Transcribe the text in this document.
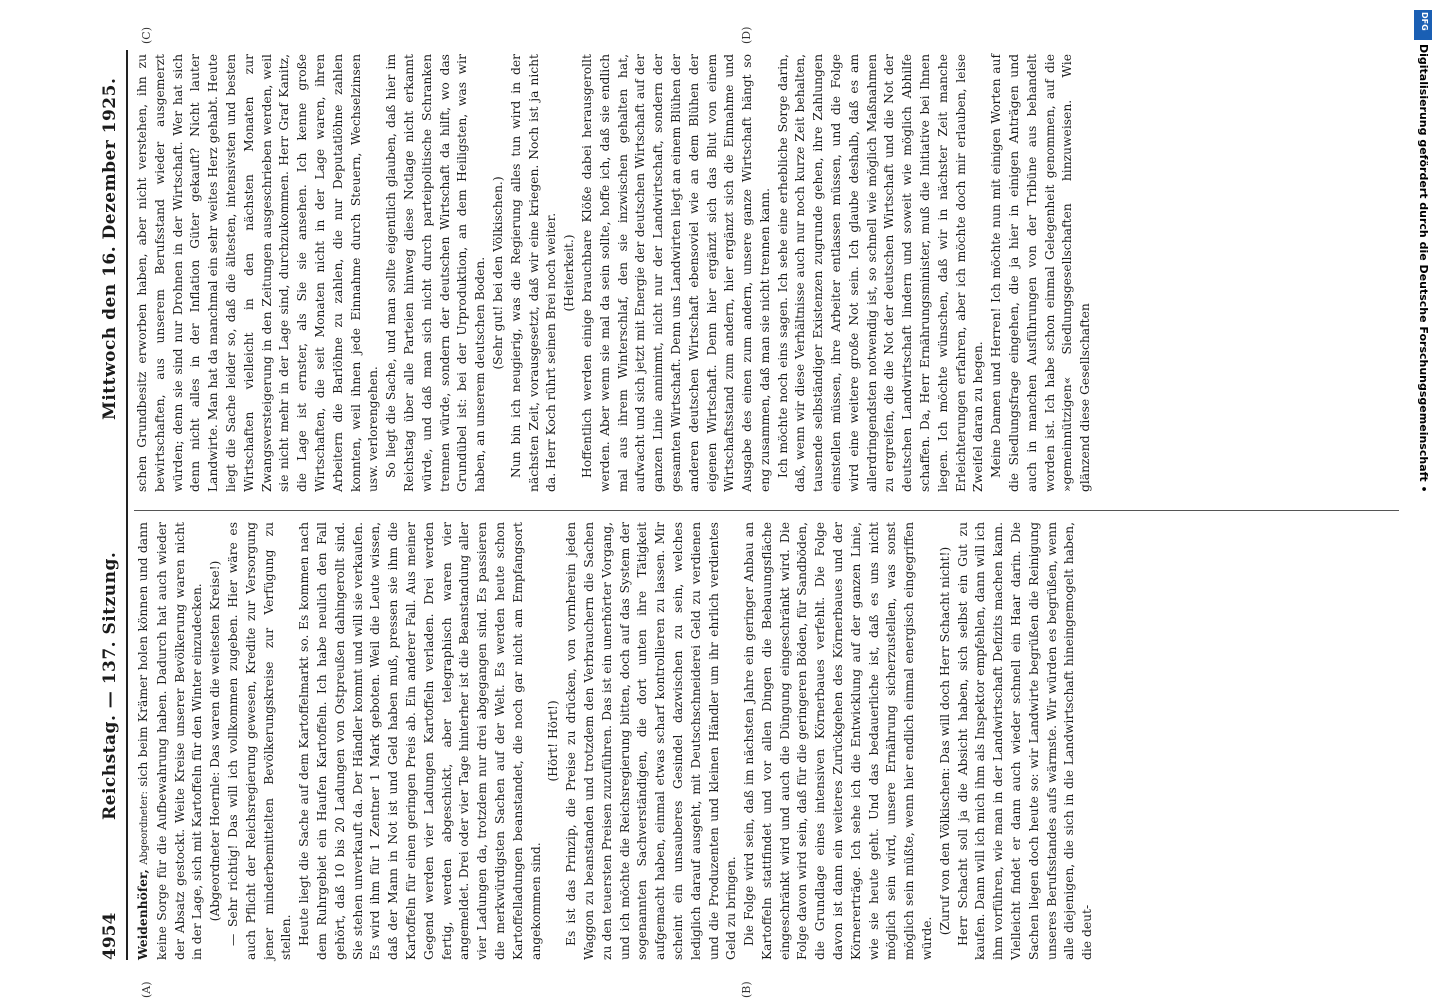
4954
Reichstag. — 137. Sitzung.
Mittwoch den 16. Dezember 1925.
(A)	(B)
(C)	(D)

Weidenhöfer, Abgeordneter: sich beim Krämer holen können und dann keine Sorge für die Aufbewahrung haben. Dadurch hat auch wieder der Absatz gestockt. Weite Kreise unserer Bevölkerung waren nicht in der Lage, sich mit Kartoffeln für den Winter einzudecken. (Abgeordneter Hoernle: Das waren die weitesten Kreise!) — Sehr richtig! Das will ich vollkommen zugeben. Hier wäre es auch Pflicht der Reichsregierung gewesen, Kredite zur Versorgung jener minderbemittelten Bevölkerungskreise zur Verfügung zu stellen. Heute liegt die Sache auf dem Kartoffelmarkt so. Es kommen nach dem Ruhrgebiet ein Haufen Kartoffeln. Ich habe neulich den Fall gehört, daß 10 bis 20 Ladungen von Ostpreußen dahingerollt sind. Sie stehen unverkauft da. Der Händler kommt und will sie verkaufen. Es wird ihm für 1 Zentner 1 Mark geboten. Weil die Leute wissen, daß der Mann in Not ist und Geld haben muß, pressen sie ihm die Kartoffeln für einen geringen Preis ab. Ein anderer Fall. Aus meiner Gegend werden vier Ladungen Kartoffeln verladen. Drei werden fertig, werden abgeschickt, aber telegraphisch waren vier angemeldet. Drei oder vier Tage hinterher ist die Beanstandung aller vier Ladungen da, trotzdem nur drei abgegangen sind. Es passieren die merkwürdigsten Sachen auf der Welt. Es werden heute schon Kartoffelladungen beanstandet, die noch gar nicht am Empfangsort angekommen sind.

(Hört! Hört!) Es ist das Prinzip, die Preise zu drücken, von vornherein jeden Waggon zu beanstanden und trotzdem den Verbrauchern die Sachen zu den teuersten Preisen zuzuführen. Das ist ein unerhörter Vorgang, und ich möchte die Reichsregierung bitten, doch auf das System der sogenannten Sachverständigen, die dort unten ihre Tätigkeit aufgemacht haben, einmal etwas scharf kontrollieren zu lassen. Mir scheint ein unsauberes Gesindel dazwischen zu sein, welches lediglich darauf ausgeht, mit Deutschschneiderei Geld zu verdienen und die Produzenten und kleinen Händler um ihr ehrlich verdientes Geld zu bringen. Die Folge wird sein, daß im nächsten Jahre ein geringer Anbau an Kartoffeln stattfindet und vor allen Dingen die Bebauungsfläche eingeschränkt wird und auch die Düngung eingeschränkt wird. Die Folge davon wird sein, daß für die geringeren Böden, für Sandböden, die Grundlage eines intensiven Körnerbaues verfehlt. Die Folge davon ist dann ein weiteres Zurückgehen des Körnerbaues und der Körnererträge. Ich sehe ich die Entwicklung auf der ganzen Linie, wie sie heute geht. Und das bedauerliche ist, daß es uns nicht möglich sein wird, unsere Ernährung sicherzustellen, was sonst möglich sein müßte, wenn hier endlich einmal energisch eingegriffen würde.

(Zuruf von den Völkischen: Das will doch Herr Schacht nicht!) Herr Schacht soll ja die Absicht haben, sich selbst ein Gut zu kaufen. Dann will ich mich ihm als Inspektor empfehlen, dann will ich ihm vorführen, wie man in der Landwirtschaft Defizits machen kann. Vielleicht findet er dann auch wieder schnell ein Haar darin. Die Sachen liegen doch heute so: wir Landwirte begrüßen die Reinigung unseres Berufsstandes aufs wärmste. Wir würden es begrüßen, wenn alle diejenigen, die sich in die Landwirtschaft hineingemogelt haben, die deut-

schen Grundbesitz erworben haben, aber nicht verstehen, ihn zu bewirtschaften, aus unserem Berufsstand wieder ausgemerzt würden; denn sie sind nur Drohnen in der Wirtschaft. Wer hat sich denn nicht alles in der Inflation Güter gekauft? Nicht lauter Landwirte. Man hat da manchmal ein sehr weites Herz gehabt. Heute liegt die Sache leider so, daß die ältesten, intensivsten und besten Wirtschaften vielleicht in den nächsten Monaten zur Zwangsversteigerung in den Zeitungen ausgeschrieben werden, weil sie nicht mehr in der Lage sind, durchzukommen. Herr Graf Kanitz, die Lage ist ernster, als Sie sie ansehen. Ich kenne große Wirtschaften, die seit Monaten nicht in der Lage waren, ihren Arbeitern die Barlöhne zu zahlen, die nur Deputatlöhne zahlen konnten, weil ihnen jede Einnahme durch Steuern, Wechselzinsen usw. verlorengehen. So liegt die Sache, und man sollte eigentlich glauben, daß hier im Reichstag über alle Parteien hinweg diese Notlage nicht erkannt würde, und daß man sich nicht durch parteipolitische Schranken trennen würde, sondern der deutschen Wirtschaft da hilft, wo das Grundübel ist: bei der Urproduktion, an dem Heiligsten, was wir haben, an unserem deutschen Boden. (Sehr gut! bei den Völkischen.) Nun bin ich neugierig, was die Regierung alles tun wird in der nächsten Zeit, vorausgesetzt, daß wir eine kriegen. Noch ist ja nicht da. Herr Koch rührt seinen Brei noch weiter. (Heiterkeit.) Hoffentlich werden einige brauchbare Klöße dabei herausgerollt werden. Aber wenn sie mal da sein sollte, hoffe ich, daß sie endlich mal aus ihrem Winterschlaf, den sie inzwischen gehalten hat, aufwacht und sich jetzt mit Energie der deutschen Wirtschaft auf der ganzen Linie annimmt, nicht nur der Landwirtschaft, sondern der gesamten Wirtschaft. Denn uns Landwirten liegt an einem Blühen der anderen deutschen Wirtschaft ebensoviel wie an dem Blühen der eigenen Wirtschaft. Denn hier ergänzt sich das Blut von einem Wirtschaftsstand zum andern, hier ergänzt sich die Einnahme und Ausgabe des einen zum andern, unsere ganze Wirtschaft hängt so eng zusammen, daß man sie nicht trennen kann. Ich möchte noch eins sagen. Ich sehe eine erhebliche Sorge darin, daß, wenn wir diese Verhältnisse auch nur noch kurze Zeit behalten, tausende selbständiger Existenzen zugrunde gehen, ihre Zahlungen einstellen müssen, ihre Arbeiter entlassen müssen, und die Folge wird eine weitere große Not sein. Ich glaube deshalb, daß es am allerdringendsten notwendig ist, so schnell wie möglich Maßnahmen zu ergreifen, die die Not der deutschen Wirtschaft und die Not der deutschen Landwirtschaft lindern und soweit wie möglich Abhilfe schaffen. Da, Herr Ernährungsminister, muß die Initiative bei Ihnen liegen. Ich möchte wünschen, daß wir in nächster Zeit manche Erleichterungen erfahren, aber ich möchte doch mir erlauben, leise Zweifel daran zu hegen. Meine Damen und Herren! Ich möchte nun mit einigen Worten auf die Siedlungsfrage eingehen, die ja hier in einigen Anträgen und auch in manchen Ausführungen von der Tribüne aus behandelt worden ist. Ich habe schon einmal Gelegenheit genommen, auf die »gemeinnützigen« Siedlungsgesellschaften hinzuweisen. Wie glänzend diese Gesellschaften

DFG
Digitalisierung gefördert durch die Deutsche Forschungsgemeinschaft •
